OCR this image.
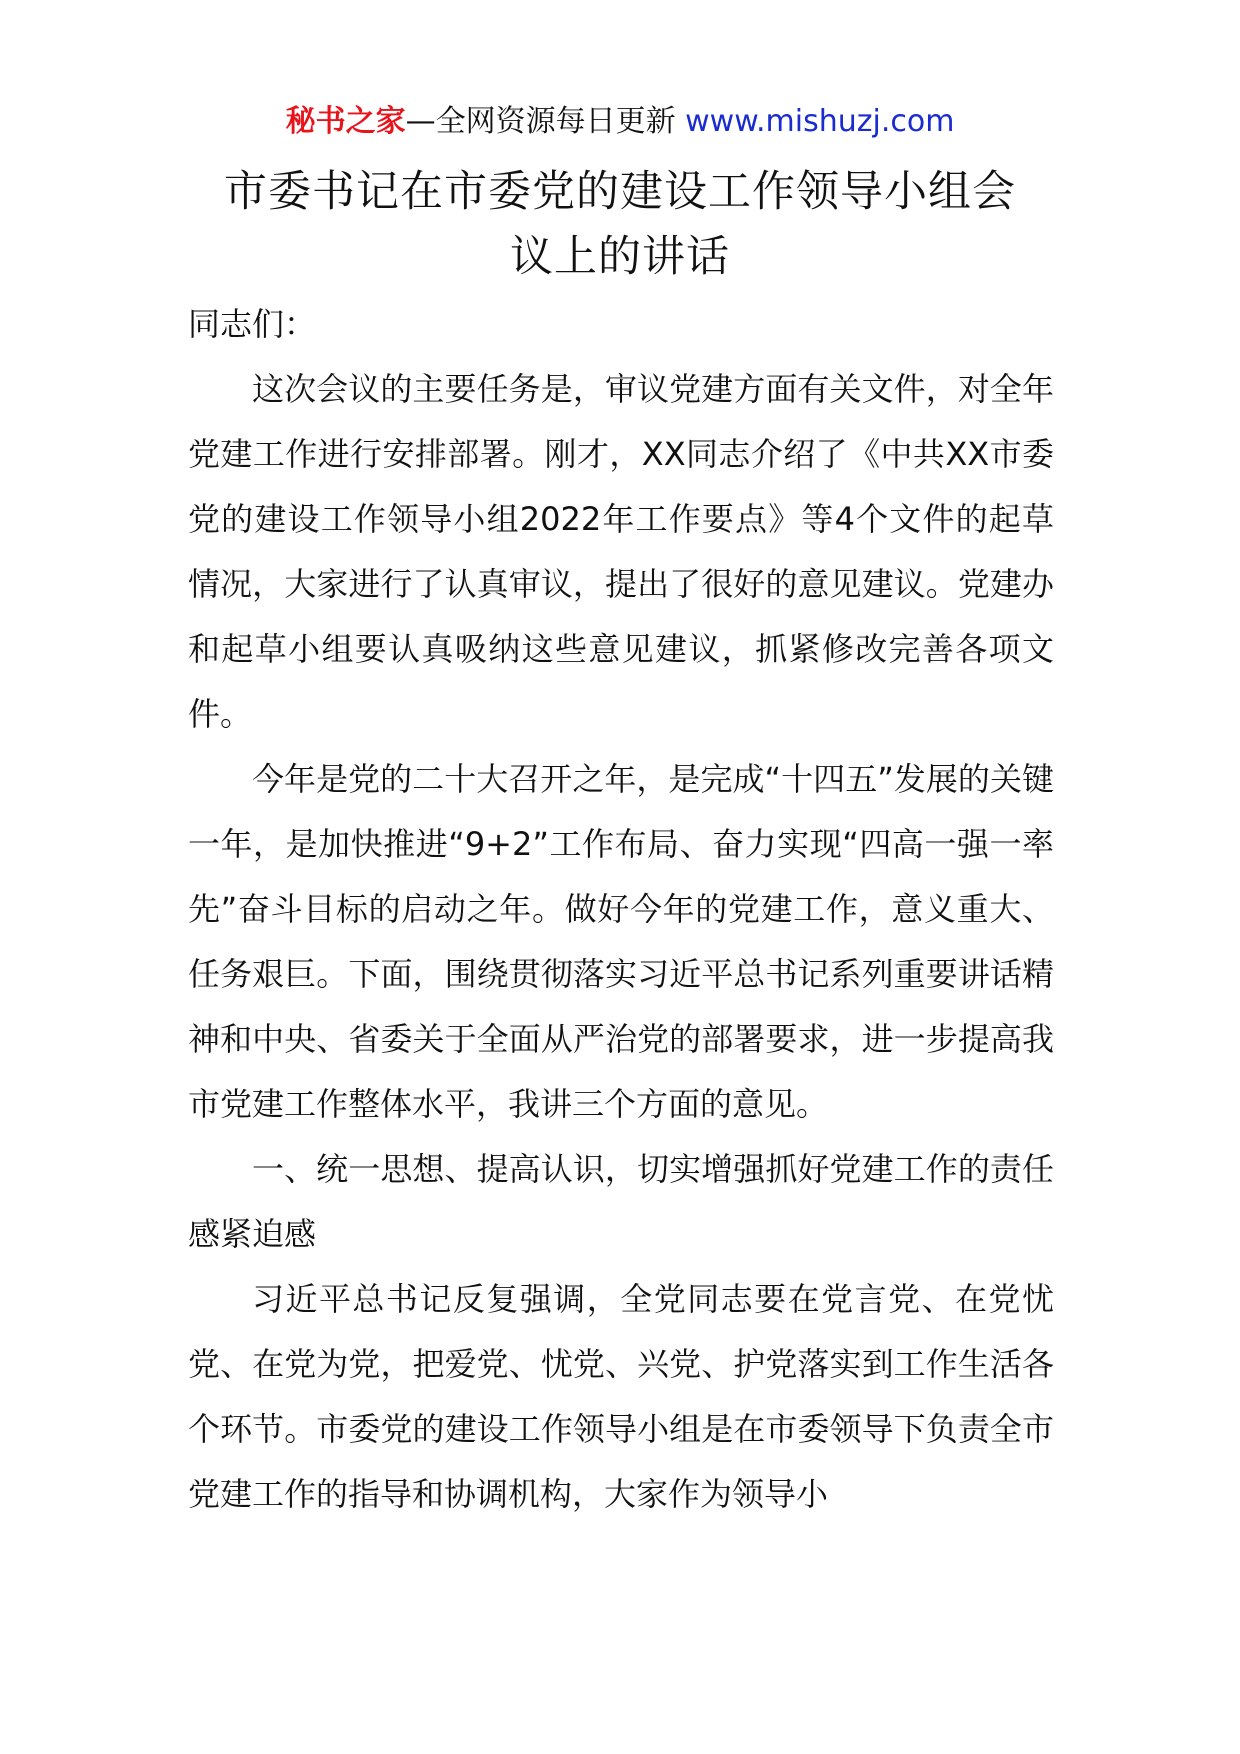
秘书之家—全网资源每日更新 www.mishuzj.com
市委书记在市委党的建设工作领导小组会
议上的讲话

同志们：

这次会议的主要任务是，审议党建方面有关文件，对全年党建工作进行安排部署。刚才，XX同志介绍了《中共XX市委党的建设工作领导小组2022年工作要点》等4个文件的起草情况，大家进行了认真审议，提出了很好的意见建议。党建办和起草小组要认真吸纳这些意见建议，抓紧修改完善各项文件。

今年是党的二十大召开之年，是完成“十四五”发展的关键一年，是加快推进“9+2”工作布局、奋力实现“四高一强一率先”奋斗目标的启动之年。做好今年的党建工作，意义重大、任务艰巨。下面，围绕贯彻落实习近平总书记系列重要讲话精神和中央、省委关于全面从严治党的部署要求，进一步提高我市党建工作整体水平，我讲三个方面的意见。

一、统一思想、提高认识，切实增强抓好党建工作的责任感紧迫感

习近平总书记反复强调，全党同志要在党言党、在党忧党、在党为党，把爱党、忧党、兴党、护党落实到工作生活各个环节。市委党的建设工作领导小组是在市委领导下负责全市党建工作的指导和协调机构，大家作为领导小
